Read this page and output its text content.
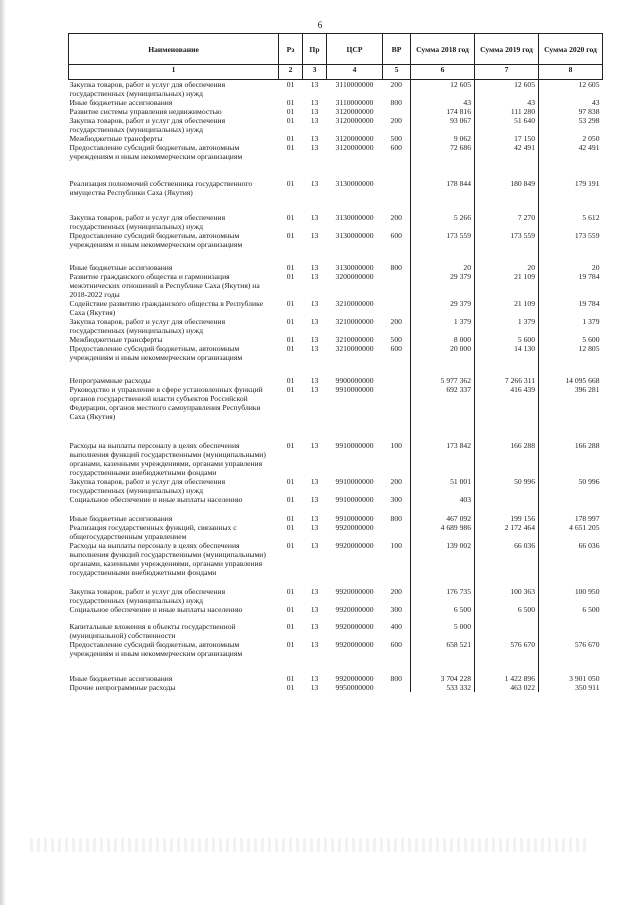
6
Наименование	Рз	Пр	ЦСР	ВР	Сумма 2018 год	Сумма 2019 год	Сумма 2020 год
1	2	3	4	5	6	7	8
Закупка товаров, работ и услуг для обеспечения государственных (муниципальных) нужд	01	13	3110000000	200	12 605	12 605	12 605
Иные бюджетные ассигнования	01	13	3110000000	800	43	43	43
Развитие системы управления недвижимостью	01	13	3120000000		174 816	111 280	97 838
Закупка товаров, работ и услуг для обеспечения государственных (муниципальных) нужд	01	13	3120000000	200	93 067	51 640	53 298
Межбюджетные трансферты	01	13	3120000000	500	9 062	17 150	2 050
Предоставление субсидий бюджетным, автономным учреждениям и иным некоммерческим организациям	01	13	3120000000	600	72 686	42 491	42 491
Реализация полномочий собственника государственного имущества Республики Саха (Якутия)	01	13	3130000000		178 844	180 849	179 191
Закупка товаров, работ и услуг для обеспечения государственных (муниципальных) нужд	01	13	3130000000	200	5 266	7 270	5 612
Предоставление субсидий бюджетным, автономным учреждениям и иным некоммерческим организациям	01	13	3130000000	600	173 559	173 559	173 559
Иные бюджетные ассигнования	01	13	3130000000	800	20	20	20
Развитие гражданского общества и гармонизация межэтнических отношений в Республике Саха (Якутия) на 2018-2022 годы	01	13	3200000000		29 379	21 109	19 784
Содействие развитию гражданского общества в Республике Саха (Якутия)	01	13	3210000000		29 379	21 109	19 784
Закупка товаров, работ и услуг для обеспечения государственных (муниципальных) нужд	01	13	3210000000	200	1 379	1 379	1 379
Межбюджетные трансферты	01	13	3210000000	500	8 000	5 600	5 600
Предоставление субсидий бюджетным, автономным учреждениям и иным некоммерческим организациям	01	13	3210000000	600	20 000	14 130	12 805
Непрограммные расходы	01	13	9900000000		5 977 362	7 266 311	14 095 668
Руководство и управление в сфере установленных функций органов государственной власти субъектов Российской Федерации, органов местного самоуправления Республики Саха (Якутия)	01	13	9910000000		692 337	416 439	396 281
Расходы на выплаты персоналу в целях обеспечения выполнения функций государственными (муниципальными) органами, казенными учреждениями, органами управления государственными внебюджетными фондами	01	13	9910000000	100	173 842	166 288	166 288
Закупка товаров, работ и услуг для обеспечения государственных (муниципальных) нужд	01	13	9910000000	200	51 001	50 996	50 996
Социальное обеспечение и иные выплаты населению	01	13	9910000000	300	403		
Иные бюджетные ассигнования	01	13	9910000000	800	467 092	199 156	178 997
Реализация государственных функций, связанных с общегосударственным управлением	01	13	9920000000		4 689 986	2 172 464	4 651 205
Расходы на выплаты персоналу в целях обеспечения выполнения функций государственными (муниципальными) органами, казенными учреждениями, органами управления государственными внебюджетными фондами	01	13	9920000000	100	139 002	66 036	66 036
Закупка товаров, работ и услуг для обеспечения государственных (муниципальных) нужд	01	13	9920000000	200	176 735	100 363	100 950
Социальное обеспечение и иные выплаты населению	01	13	9920000000	300	6 500	6 500	6 500
Капитальные вложения в объекты государственной (муниципальной) собственности	01	13	9920000000	400	5 000		
Предоставление субсидий бюджетным, автономным учреждениям и иным некоммерческим организациям	01	13	9920000000	600	658 521	576 670	576 670
Иные бюджетные ассигнования	01	13	9920000000	800	3 704 228	1 422 896	3 901 050
Прочие непрограммные расходы	01	13	9950000000		533 332	463 022	350 911
